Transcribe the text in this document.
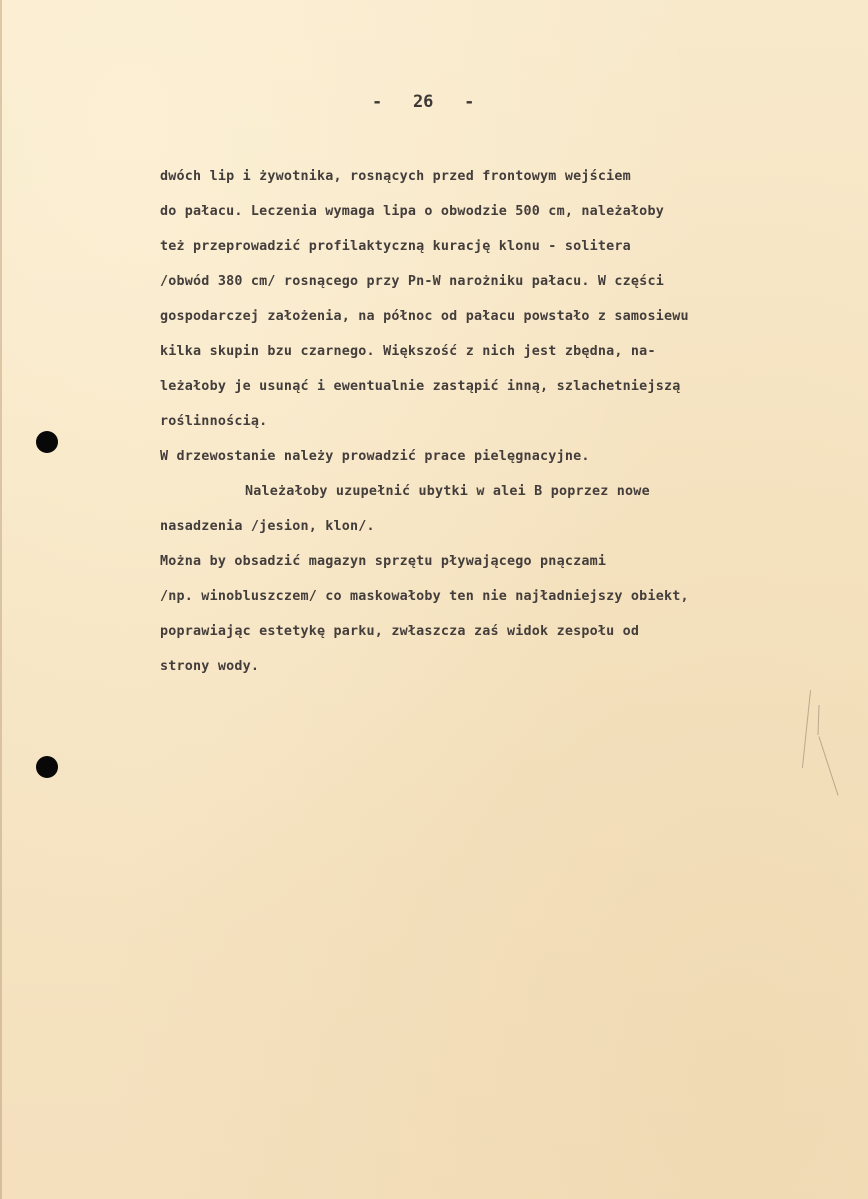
-   26   -
dwóch lip i żywotnika, rosnących przed frontowym wejściem
do pałacu. Leczenia wymaga lipa o obwodzie 500 cm, należałoby
też przeprowadzić profilaktyczną kurację klonu - solitera
/obwód 380 cm/ rosnącego przy Pn-W narożniku pałacu. W części
gospodarczej założenia, na północ od pałacu powstało z samosiewu
kilka skupin bzu czarnego. Większość z nich jest zbędna, na-
leżałoby je usunąć i ewentualnie zastąpić inną, szlachetniejszą
roślinnością.
W drzewostanie należy prowadzić prace pielęgnacyjne.
Należałoby uzupełnić ubytki w alei B poprzez nowe
nasadzenia /jesion, klon/.
Można by obsadzić magazyn sprzętu pływającego pnączami
/np. winobluszczem/ co maskowałoby ten nie najładniejszy obiekt,
poprawiając estetykę parku, zwłaszcza zaś widok zespołu od
strony wody.
